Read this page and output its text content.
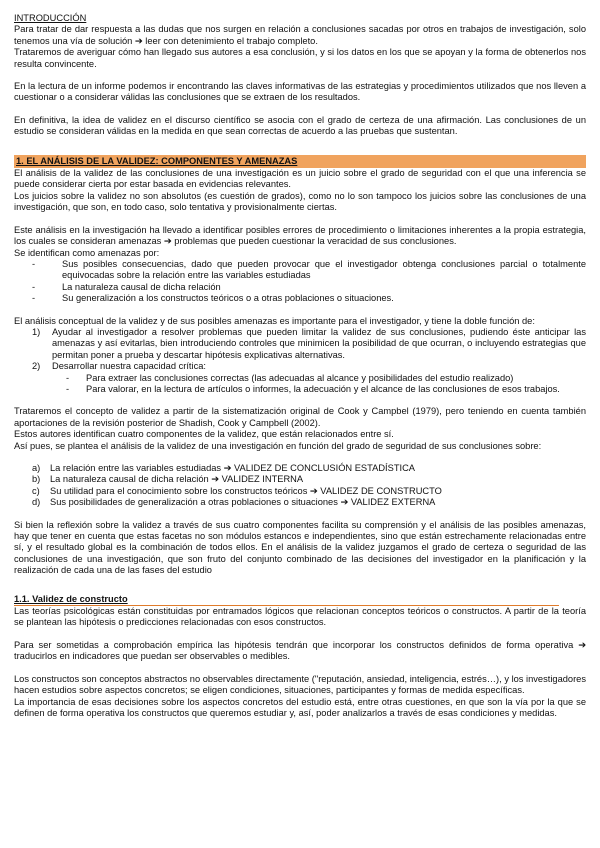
INTRODUCCIÓN

Para tratar de dar respuesta a las dudas que nos surgen en relación a conclusiones sacadas por otros en trabajos de investigación, solo tenemos una vía de solución ➔ leer con detenimiento el trabajo completo.

Trataremos de averiguar cómo han llegado sus autores a esa conclusión, y si los datos en los que se apoyan y la forma de obtenerlos nos resulta convincente.

En la lectura de un informe podemos ir encontrando las claves informativas de las estrategias y procedimientos utilizados que nos lleven a cuestionar o a considerar válidas las conclusiones que se extraen de los resultados.

En definitiva, la idea de validez en el discurso científico se asocia con el grado de certeza de una afirmación. Las conclusiones de un estudio se consideran válidas en la medida en que sean correctas de acuerdo a las pruebas que sustentan.

1. EL ANÁLISIS DE LA VALIDEZ: COMPONENTES Y AMENAZAS

El análisis de la validez de las conclusiones de una investigación es un juicio sobre el grado de seguridad con el que una inferencia se puede considerar cierta por estar basada en evidencias relevantes.

Los juicios sobre la validez no son absolutos (es cuestión de grados), como no lo son tampoco los juicios sobre las conclusiones de una investigación, que son, en todo caso, solo tentativa y provisionalmente ciertas.

Este análisis en la investigación ha llevado a identificar posibles errores de procedimiento o limitaciones inherentes a la propia estrategia, los cuales se consideran amenazas ➔ problemas que pueden cuestionar la veracidad de sus conclusiones.

Se identifican como amenazas por:

- Sus posibles consecuencias, dado que pueden provocar que el investigador obtenga conclusiones parcial o totalmente equivocadas sobre la relación entre las variables estudiadas
- La naturaleza causal de dicha relación
- Su generalización a los constructos teóricos o a otras poblaciones o situaciones.

El análisis conceptual de la validez y de sus posibles amenazas es importante para el investigador, y tiene la doble función de:

1) Ayudar al investigador a resolver problemas que pueden limitar la validez de sus conclusiones, pudiendo éste anticipar las amenazas y así evitarlas, bien introduciendo controles que minimicen la posibilidad de que ocurran, o incluyendo estrategias que permitan poner a prueba y descartar hipótesis explicativas alternativas.
2) Desarrollar nuestra capacidad crítica:
- Para extraer las conclusiones correctas (las adecuadas al alcance y posibilidades del estudio realizado)
- Para valorar, en la lectura de artículos o informes, la adecuación y el alcance de las conclusiones de esos trabajos.

Trataremos el concepto de validez a partir de la sistematización original de Cook y Campbel (1979), pero teniendo en cuenta también aportaciones de la revisión posterior de Shadish, Cook y Campbell (2002).

Estos autores identifican cuatro componentes de la validez, que están relacionados entre sí.

Así pues, se plantea el análisis de la validez de una investigación en función del grado de seguridad de sus conclusiones sobre:

a) La relación entre las variables estudiadas ➔ VALIDEZ DE CONCLUSIÓN ESTADÍSTICA
b) La naturaleza causal de dicha relación ➔ VALIDEZ INTERNA
c) Su utilidad para el conocimiento sobre los constructos teóricos ➔ VALIDEZ DE CONSTRUCTO
d) Sus posibilidades de generalización a otras poblaciones o situaciones ➔ VALIDEZ EXTERNA

Si bien la reflexión sobre la validez a través de sus cuatro componentes facilita su comprensión y el análisis de las posibles amenazas, hay que tener en cuenta que estas facetas no son módulos estancos e independientes, sino que están estrechamente relacionadas entre sí, y el resultado global es la combinación de todos ellos. En el análisis de la validez juzgamos el grado de certeza o seguridad de las conclusiones de una investigación, que son fruto del conjunto combinado de las decisiones del investigador en la planificación y la realización de cada una de las fases del estudio

1.1. Validez de constructo

Las teorías psicológicas están constituidas por entramados lógicos que relacionan conceptos teóricos o constructos. A partir de la teoría se plantean las hipótesis o predicciones relacionadas con esos constructos.

Para ser sometidas a comprobación empírica las hipótesis tendrán que incorporar los constructos definidos de forma operativa ➔ traducirlos en indicadores que puedan ser observables o medibles.

Los constructos son conceptos abstractos no observables directamente ("reputación, ansiedad, inteligencia, estrés…), y los investigadores hacen estudios sobre aspectos concretos; se eligen condiciones, situaciones, participantes y formas de medida específicas.

La importancia de esas decisiones sobre los aspectos concretos del estudio está, entre otras cuestiones, en que son la vía por la que se definen de forma operativa los constructos que queremos estudiar y, así, poder analizarlos a través de esas condiciones y medidas.
